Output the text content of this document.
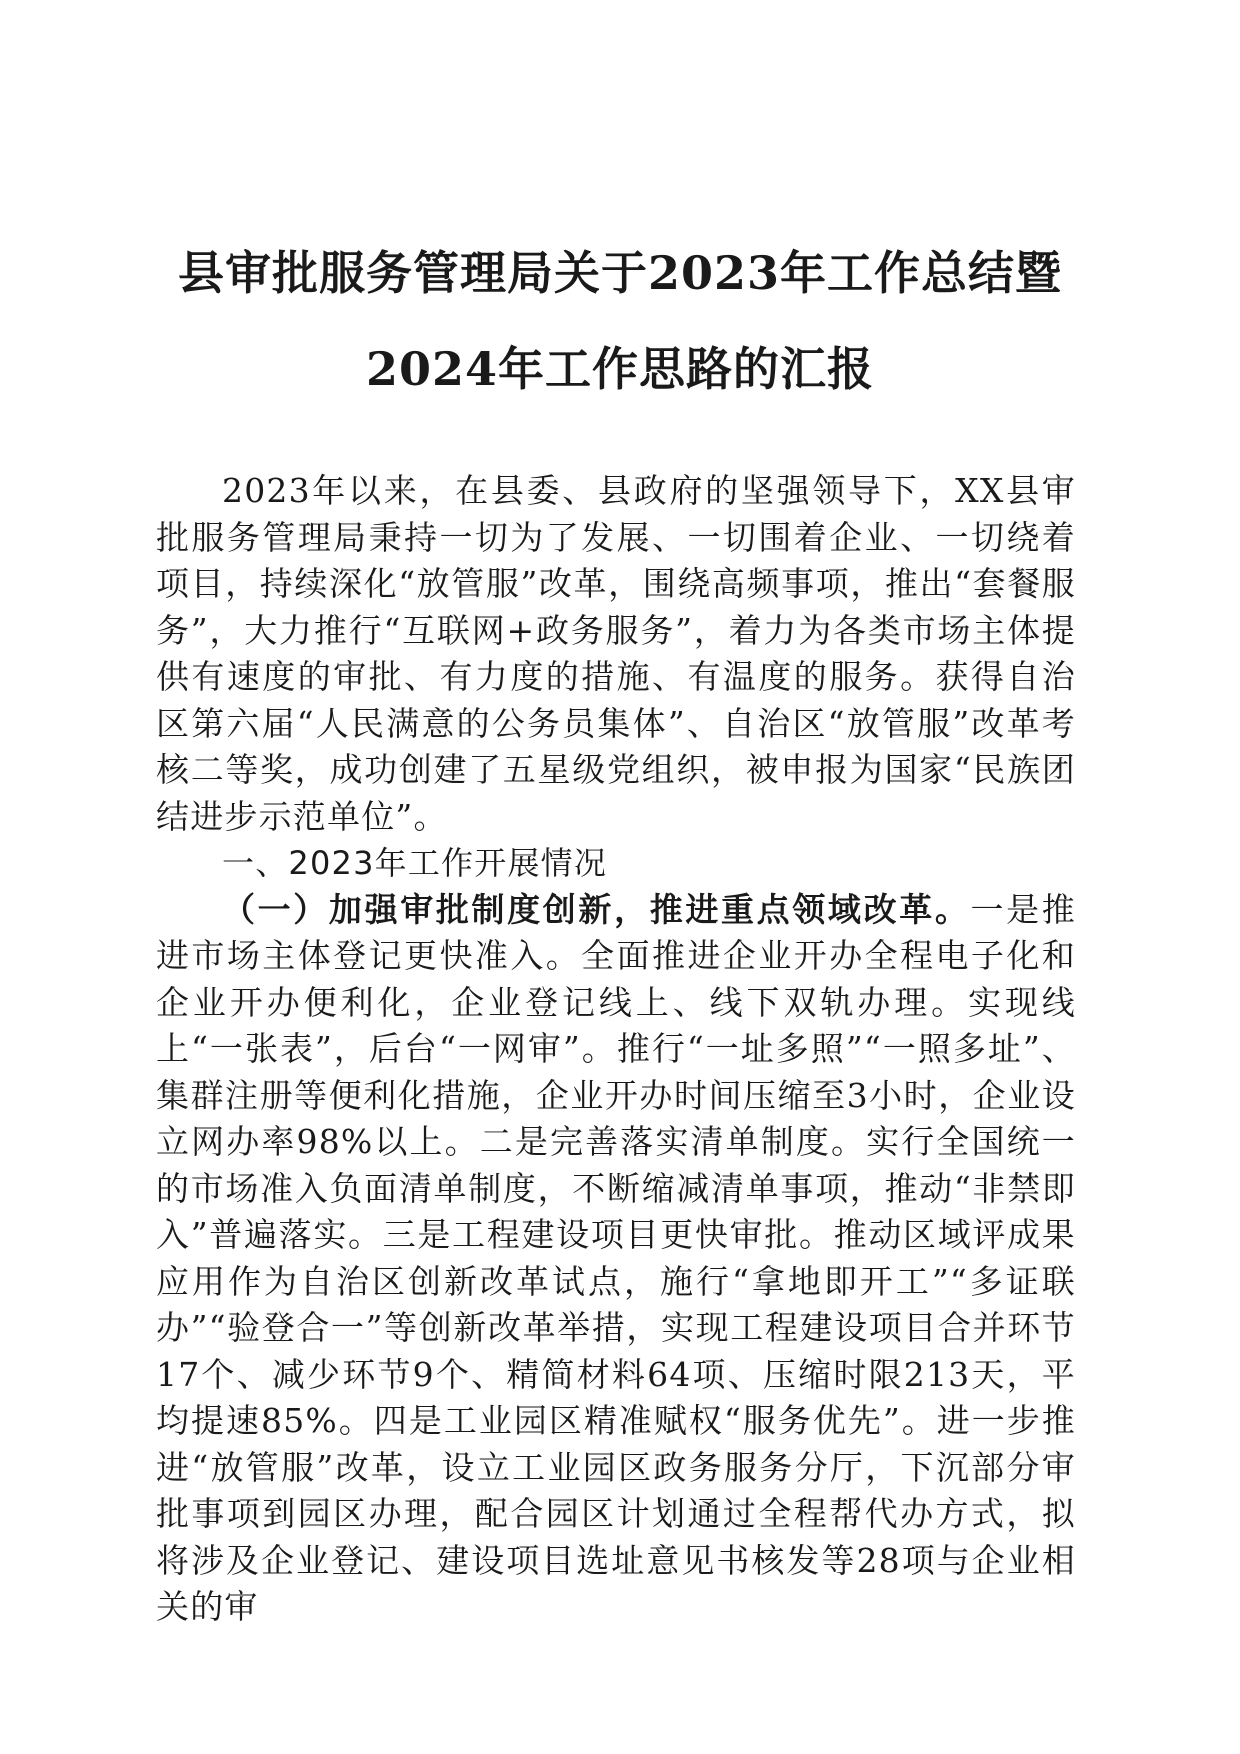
县审批服务管理局关于2023年工作总结暨
2024年工作思路的汇报

2023年以来，在县委、县政府的坚强领导下，XX县审批服务管理局秉持一切为了发展、一切围着企业、一切绕着项目，持续深化“放管服”改革，围绕高频事项，推出“套餐服务”，大力推行“互联网+政务服务”，着力为各类市场主体提供有速度的审批、有力度的措施、有温度的服务。获得自治区第六届“人民满意的公务员集体”、自治区“放管服”改革考核二等奖，成功创建了五星级党组织，被申报为国家“民族团结进步示范单位”。

一、2023年工作开展情况

（一）加强审批制度创新，推进重点领域改革。一是推进市场主体登记更快准入。全面推进企业开办全程电子化和企业开办便利化，企业登记线上、线下双轨办理。实现线上“一张表”，后台“一网审”。推行“一址多照”“一照多址”、集群注册等便利化措施，企业开办时间压缩至3小时，企业设立网办率98%以上。二是完善落实清单制度。实行全国统一的市场准入负面清单制度，不断缩减清单事项，推动“非禁即入”普遍落实。三是工程建设项目更快审批。推动区域评成果应用作为自治区创新改革试点，施行“拿地即开工”“多证联办”“验登合一”等创新改革举措，实现工程建设项目合并环节17个、减少环节9个、精简材料64项、压缩时限213天，平均提速85%。四是工业园区精准赋权“服务优先”。进一步推进“放管服”改革，设立工业园区政务服务分厅，下沉部分审批事项到园区办理，配合园区计划通过全程帮代办方式，拟将涉及企业登记、建设项目选址意见书核发等28项与企业相关的审
